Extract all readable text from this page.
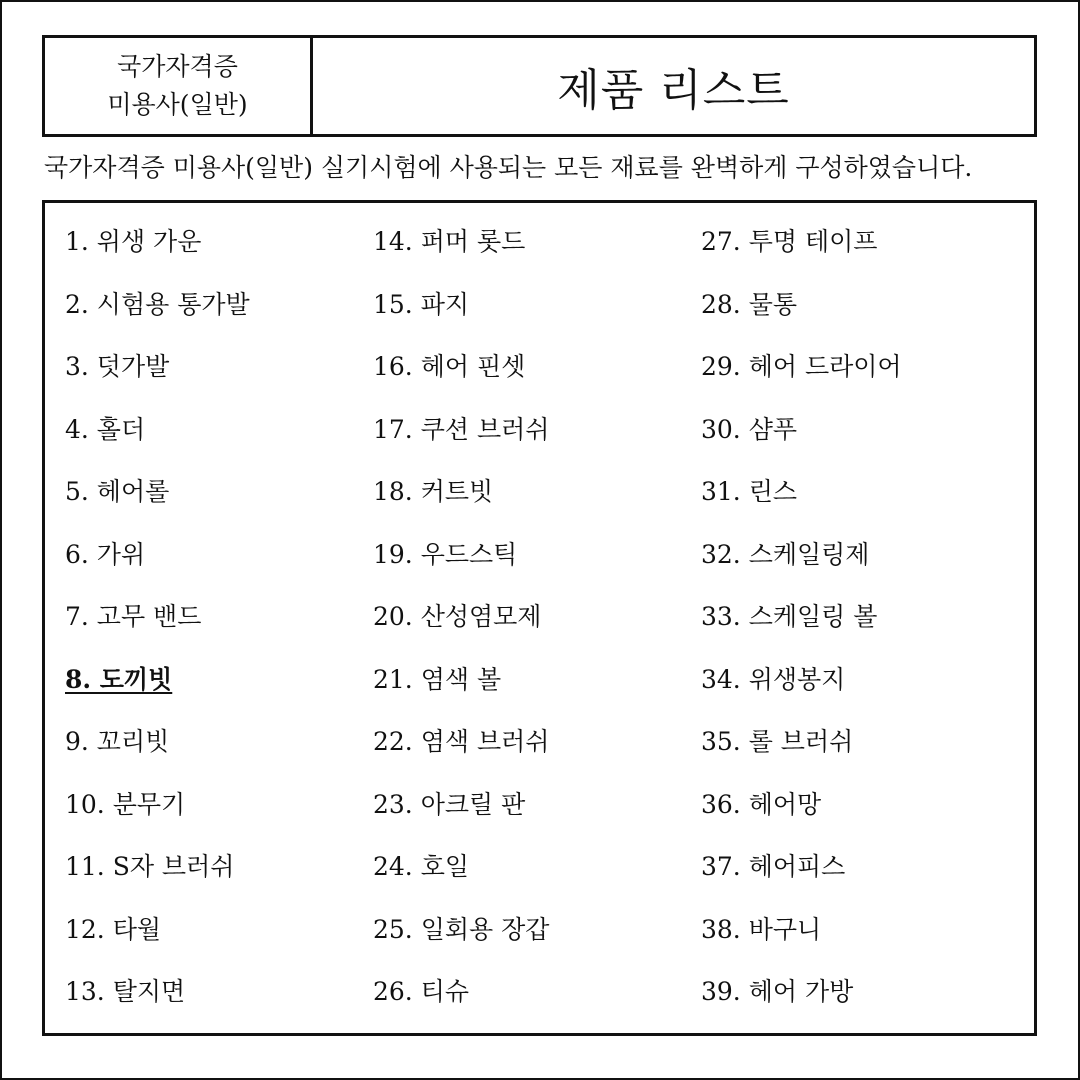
국가자격증
미용사(일반)	제품 리스트
국가자격증 미용사(일반) 실기시험에 사용되는 모든 재료를 완벽하게 구성하였습니다.
1. 위생 가운
2. 시험용 통가발
3. 덧가발
4. 홀더
5. 헤어롤
6. 가위
7. 고무 밴드
8. 도끼빗
9. 꼬리빗
10. 분무기
11. S자 브러쉬
12. 타월
13. 탈지면
14. 퍼머 롯드
15. 파지
16. 헤어 핀셋
17. 쿠션 브러쉬
18. 커트빗
19. 우드스틱
20. 산성염모제
21. 염색 볼
22. 염색 브러쉬
23. 아크릴 판
24. 호일
25. 일회용 장갑
26. 티슈
27. 투명 테이프
28. 물통
29. 헤어 드라이어
30. 샴푸
31. 린스
32. 스케일링제
33. 스케일링 볼
34. 위생봉지
35. 롤 브러쉬
36. 헤어망
37. 헤어피스
38. 바구니
39. 헤어 가방
